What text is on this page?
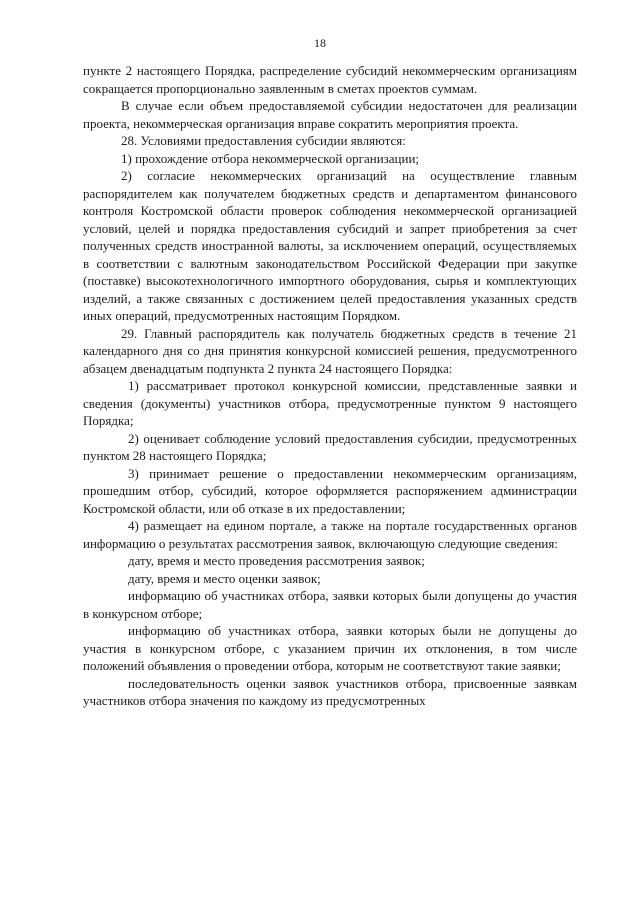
18

пункте 2 настоящего Порядка, распределение субсидий некоммерческим организациям сокращается пропорционально заявленным в сметах проектов суммам.

В случае если объем предоставляемой субсидии недостаточен для реализации проекта, некоммерческая организация вправе сократить мероприятия проекта.

28. Условиями предоставления субсидии являются:

1) прохождение отбора некоммерческой организации;

2) согласие некоммерческих организаций на осуществление главным распорядителем как получателем бюджетных средств и департаментом финансового контроля Костромской области проверок соблюдения некоммерческой организацией условий, целей и порядка предоставления субсидий и запрет приобретения за счет полученных средств иностранной валюты, за исключением операций, осуществляемых в соответствии с валютным законодательством Российской Федерации при закупке (поставке) высокотехнологичного импортного оборудования, сырья и комплектующих изделий, а также связанных с достижением целей предоставления указанных средств иных операций, предусмотренных настоящим Порядком.

29. Главный распорядитель как получатель бюджетных средств в течение 21 календарного дня со дня принятия конкурсной комиссией решения, предусмотренного абзацем двенадцатым подпункта 2 пункта 24 настоящего Порядка:

1) рассматривает протокол конкурсной комиссии, представленные заявки и сведения (документы) участников отбора, предусмотренные пунктом 9 настоящего Порядка;

2) оценивает соблюдение условий предоставления субсидии, предусмотренных пунктом 28 настоящего Порядка;

3) принимает решение о предоставлении некоммерческим организациям, прошедшим отбор, субсидий, которое оформляется распоряжением администрации Костромской области, или об отказе в их предоставлении;

4) размещает на едином портале, а также на портале государственных органов информацию о результатах рассмотрения заявок, включающую следующие сведения:

дату, время и место проведения рассмотрения заявок;

дату, время и место оценки заявок;

информацию об участниках отбора, заявки которых были допущены до участия в конкурсном отборе;

информацию об участниках отбора, заявки которых были не допущены до участия в конкурсном отборе, с указанием причин их отклонения, в том числе положений объявления о проведении отбора, которым не соответствуют такие заявки;

последовательность оценки заявок участников отбора, присвоенные заявкам участников отбора значения по каждому из предусмотренных
